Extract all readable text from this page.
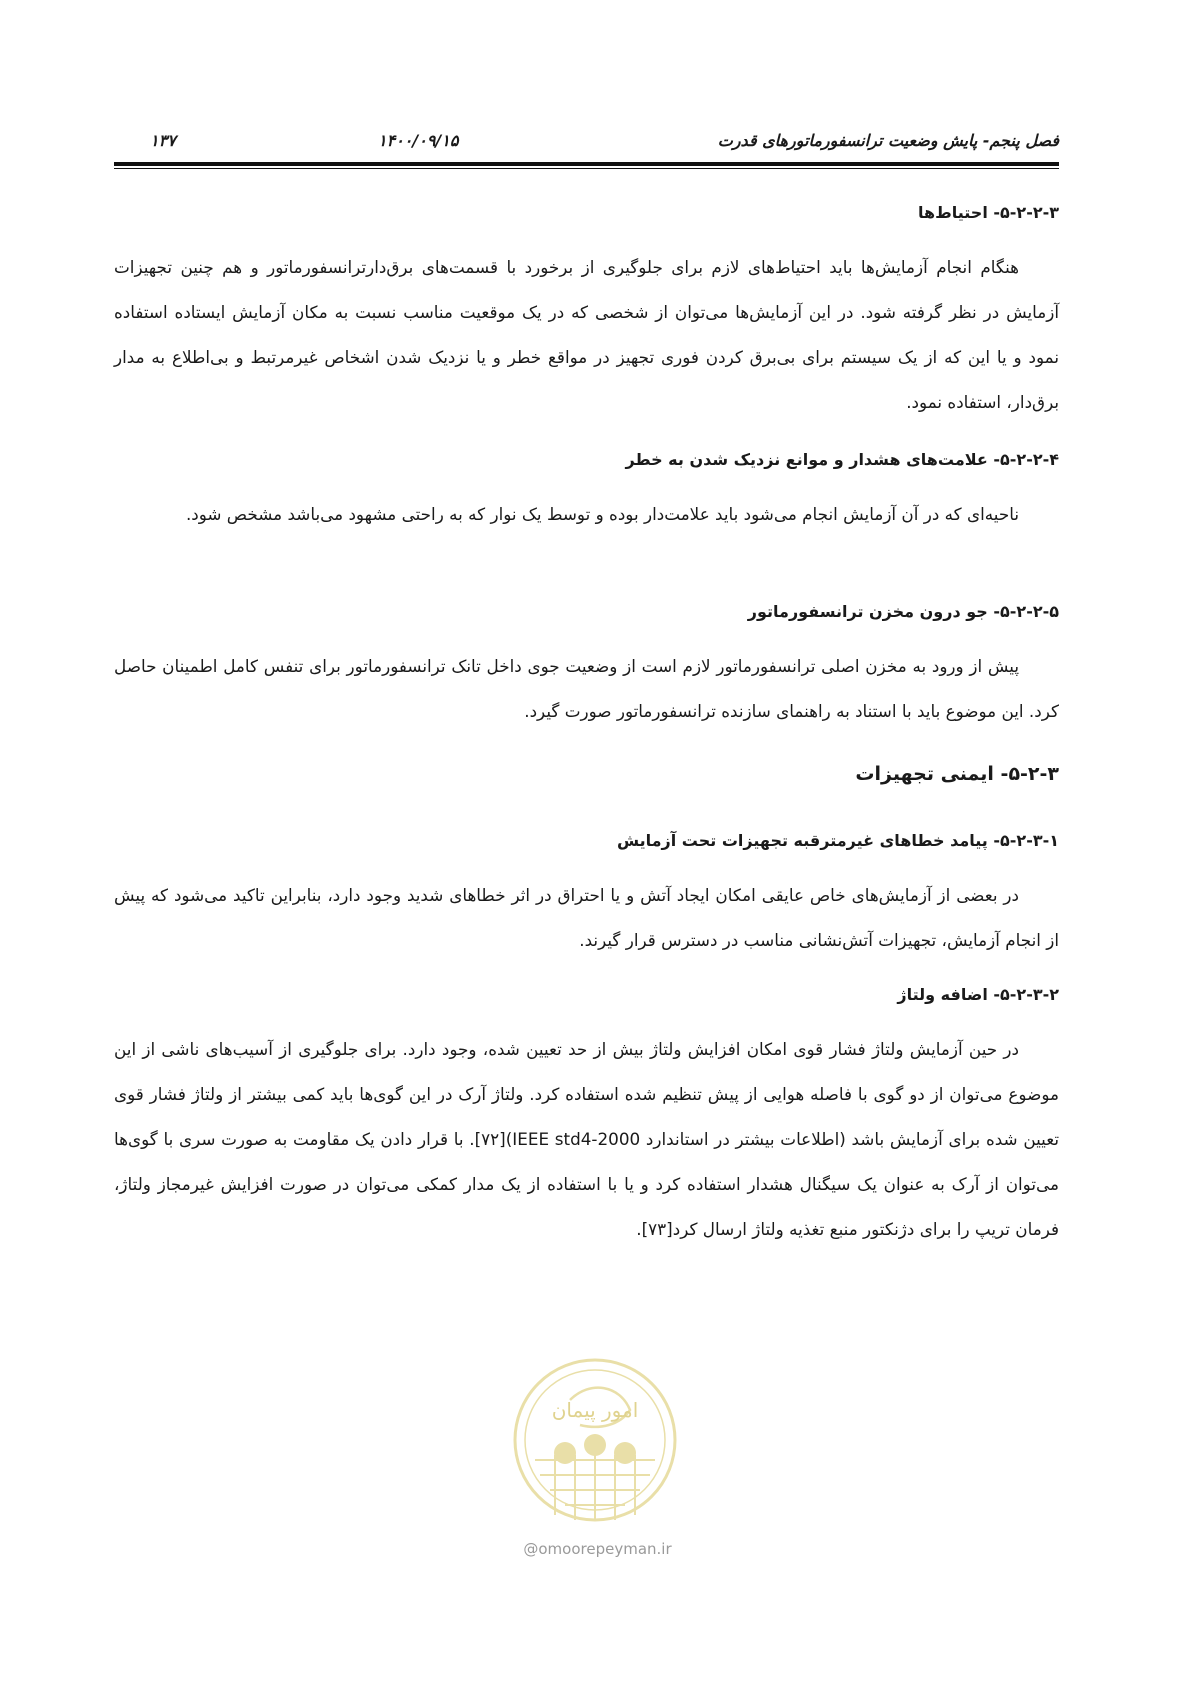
فصل پنجم- پایش وضعیت ترانسفورماتورهای قدرت
۱۴۰۰/۰۹/۱۵
۱۳۷
۵-۲-۲-۳- احتیاط‌ها

هنگام انجام آزمایش‌ها باید احتیاط‌های لازم برای جلوگیری از برخورد با قسمت‌های برق‌دارترانسفورماتور و هم چنین تجهیزات آزمایش در نظر گرفته شود. در این آزمایش‌ها می‌توان از شخصی که در یک موقعیت مناسب نسبت به مکان آزمایش ایستاده استفاده نمود و یا این که از یک سیستم برای بی‌برق کردن فوری تجهیز در مواقع خطر و یا نزدیک شدن اشخاص غیرمرتبط و بی‌اطلاع به مدار برق‌دار، استفاده نمود.

۵-۲-۲-۴- علامت‌های هشدار و موانع نزدیک شدن به خطر

ناحیه‌ای که در آن آزمایش انجام می‌شود باید علامت‌دار بوده و توسط یک نوار که به راحتی مشهود می‌باشد مشخص شود.

۵-۲-۲-۵- جو درون مخزن ترانسفورماتور

پیش از ورود به مخزن اصلی ترانسفورماتور لازم است از وضعیت جوی داخل تانک ترانسفورماتور برای تنفس کامل اطمینان حاصل کرد. این موضوع باید با استناد به راهنمای سازنده ترانسفورماتور صورت گیرد.

۵-۲-۳- ایمنی تجهیزات
۵-۲-۳-۱- پیامد خطاهای غیرمترقبه تجهیزات تحت آزمایش

در بعضی از آزمایش‌های خاص عایقی امکان ایجاد آتش و یا احتراق در اثر خطاهای شدید وجود دارد، بنابراین تاکید می‌شود که پیش از انجام آزمایش، تجهیزات آتش‌نشانی مناسب در دسترس قرار گیرند.

۵-۲-۳-۲- اضافه ولتاژ

در حین آزمایش ولتاژ فشار قوی امکان افزایش ولتاژ بیش از حد تعیین شده، وجود دارد. برای جلوگیری از آسیب‌های ناشی از این موضوع می‌توان از دو گوی با فاصله هوایی از پیش تنظیم شده استفاده کرد. ولتاژ آرک در این گوی‌ها باید کمی بیشتر از ولتاژ فشار قوی تعیین شده برای آزمایش باشد (اطلاعات بیشتر در استاندارد IEEE std4-2000)[۷۲]. با قرار دادن یک مقاومت به صورت سری با گوی‌ها می‌توان از آرک به عنوان یک سیگنال هشدار استفاده کرد و یا با استفاده از یک مدار کمکی می‌توان در صورت افزایش غیرمجاز ولتاژ، فرمان تریپ را برای دژنکتور منبع تغذیه ولتاژ ارسال کرد[۷۳].

امور پیمان
@omoorepeyman.ir
